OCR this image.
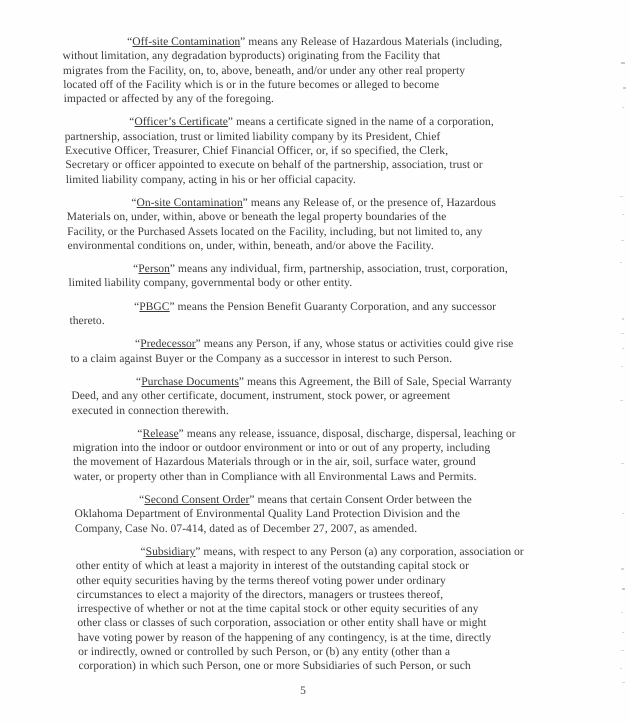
“Off-site Contamination” means any Release of Hazardous Materials (including,
without limitation, any degradation byproducts) originating from the Facility that
migrates from the Facility, on, to, above, beneath, and/or under any other real property
located off of the Facility which is or in the future becomes or alleged to become
impacted or affected by any of the foregoing.

“Officer’s Certificate” means a certificate signed in the name of a corporation,
partnership, association, trust or limited liability company by its President, Chief
Executive Officer, Treasurer, Chief Financial Officer, or, if so specified, the Clerk,
Secretary or officer appointed to execute on behalf of the partnership, association, trust or
limited liability company, acting in his or her official capacity.

“On-site Contamination” means any Release of, or the presence of, Hazardous
Materials on, under, within, above or beneath the legal property boundaries of the
Facility, or the Purchased Assets located on the Facility, including, but not limited to, any
environmental conditions on, under, within, beneath, and/or above the Facility.

“Person” means any individual, firm, partnership, association, trust, corporation,
limited liability company, governmental body or other entity.

“PBGC” means the Pension Benefit Guaranty Corporation, and any successor
thereto.

“Predecessor” means any Person, if any, whose status or activities could give rise
to a claim against Buyer or the Company as a successor in interest to such Person.

“Purchase Documents” means this Agreement, the Bill of Sale, Special Warranty
Deed, and any other certificate, document, instrument, stock power, or agreement
executed in connection therewith.

“Release” means any release, issuance, disposal, discharge, dispersal, leaching or
migration into the indoor or outdoor environment or into or out of any property, including
the movement of Hazardous Materials through or in the air, soil, surface water, ground
water, or property other than in Compliance with all Environmental Laws and Permits.

“Second Consent Order” means that certain Consent Order between the
Oklahoma Department of Environmental Quality Land Protection Division and the
Company, Case No. 07-414, dated as of December 27, 2007, as amended.

“Subsidiary” means, with respect to any Person (a) any corporation, association or
other entity of which at least a majority in interest of the outstanding capital stock or
other equity securities having by the terms thereof voting power under ordinary
circumstances to elect a majority of the directors, managers or trustees thereof,
irrespective of whether or not at the time capital stock or other equity securities of any
other class or classes of such corporation, association or other entity shall have or might
have voting power by reason of the happening of any contingency, is at the time, directly
or indirectly, owned or controlled by such Person, or (b) any entity (other than a
corporation) in which such Person, one or more Subsidiaries of such Person, or such

5
